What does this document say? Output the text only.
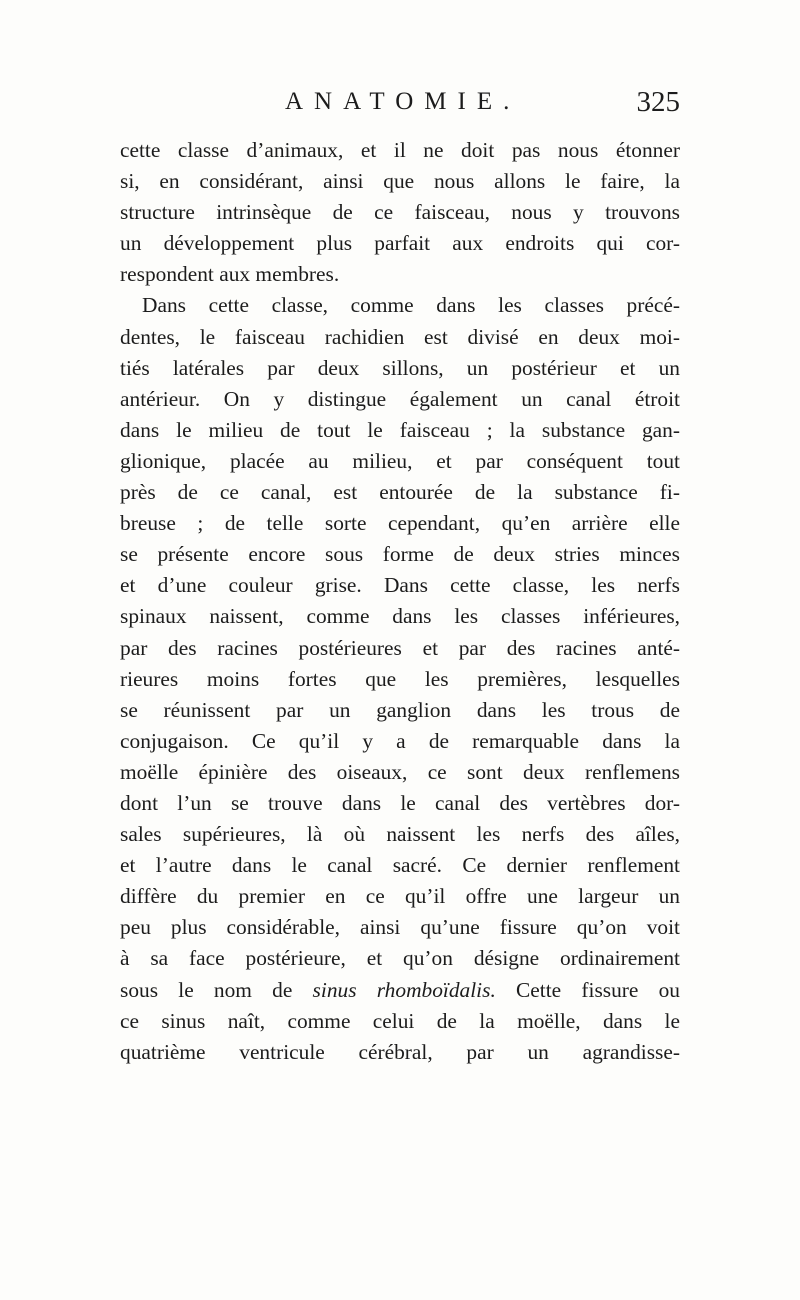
ANATOMIE.	325
cette classe d’animaux, et il ne doit pas nous étonner
si, en considérant, ainsi que nous allons le faire, la
structure intrinsèque de ce faisceau, nous y trouvons
un développement plus parfait aux endroits qui cor-
respondent aux membres.
Dans cette classe, comme dans les classes précé-
dentes, le faisceau rachidien est divisé en deux moi-
tiés latérales par deux sillons, un postérieur et un
antérieur. On y distingue également un canal étroit
dans le milieu de tout le faisceau ; la substance gan-
glionique, placée au milieu, et par conséquent tout
près de ce canal, est entourée de la substance fi-
breuse ; de telle sorte cependant, qu’en arrière elle
se présente encore sous forme de deux stries minces
et d’une couleur grise. Dans cette classe, les nerfs
spinaux naissent, comme dans les classes inférieures,
par des racines postérieures et par des racines anté-
rieures moins fortes que les premières, lesquelles
se réunissent par un ganglion dans les trous de
conjugaison. Ce qu’il y a de remarquable dans la
moëlle épinière des oiseaux, ce sont deux renflemens
dont l’un se trouve dans le canal des vertèbres dor-
sales supérieures, là où naissent les nerfs des aîles,
et l’autre dans le canal sacré. Ce dernier renflement
diffère du premier en ce qu’il offre une largeur un
peu plus considérable, ainsi qu’une fissure qu’on voit
à sa face postérieure, et qu’on désigne ordinairement
sous le nom de sinus rhomboïdalis. Cette fissure ou
ce sinus naît, comme celui de la moëlle, dans le
quatrième ventricule cérébral, par un agrandisse-
